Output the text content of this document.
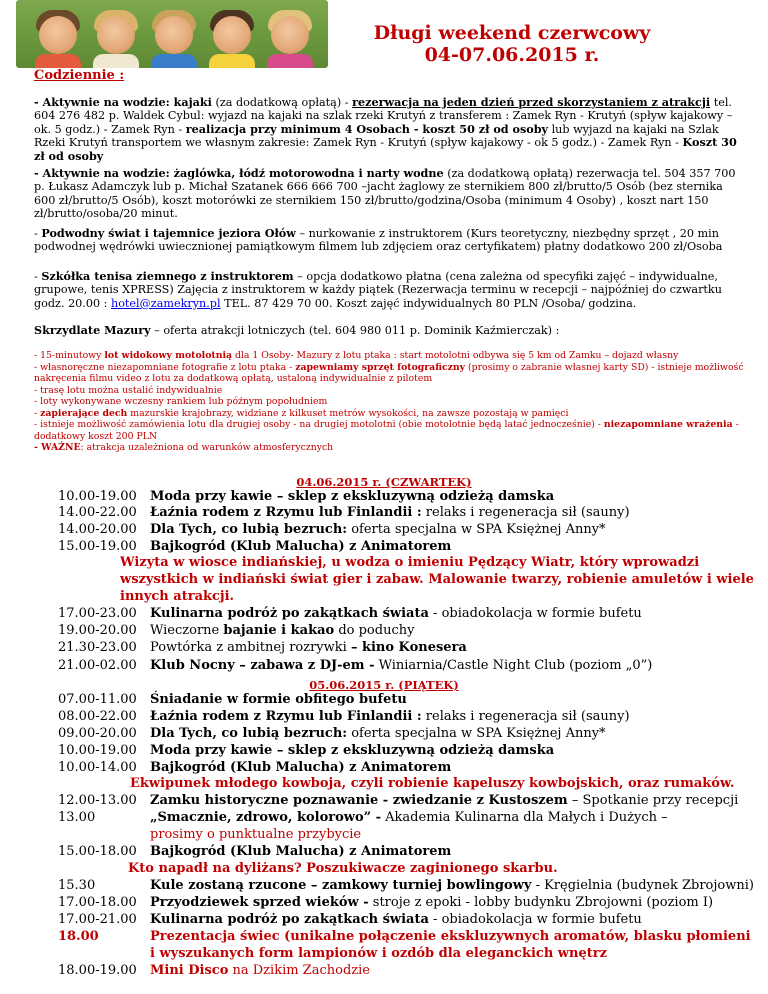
Długi weekend czerwcowy
04-07.06.2015 r.
Codziennie :

- Aktywnie na wodzie: kajaki (za dodatkową opłatą) - rezerwacja na jeden dzień przed skorzystaniem z atrakcji tel. 604 276 482 p. Waldek Cybul: wyjazd na kajaki na szlak rzeki Krutyń z transferem : Zamek Ryn - Krutyń (spływ kajakowy – ok. 5 godz.) - Zamek Ryn - realizacja przy minimum 4 Osobach - koszt 50 zł od osoby lub wyjazd na kajaki na Szlak Rzeki Krutyń transportem we własnym zakresie: Zamek Ryn - Krutyń (spływ kajakowy - ok 5 godz.) - Zamek Ryn - Koszt 30 zł od osoby

- Aktywnie na wodzie: żaglówka, łódź motorowodna i narty wodne (za dodatkową opłatą) rezerwacja tel. 504 357 700 p. Łukasz Adamczyk lub p. Michał Szatanek 666 666 700 –jacht żaglowy ze sternikiem 800 zł/brutto/5 Osób (bez sternika 600 zł/brutto/5 Osób), koszt motorówki ze sternikiem 150 zł/brutto/godzina/Osoba (minimum 4 Osoby) , koszt nart 150 zł/brutto/osoba/20 minut.

- Podwodny świat i tajemnice jeziora Ołów – nurkowanie z instruktorem (Kurs teoretyczny, niezbędny sprzęt , 20 min podwodnej wędrówki uwiecznionej pamiątkowym filmem lub zdjęciem oraz certyfikatem) płatny dodatkowo 200 zł/Osoba

- Szkółka tenisa ziemnego z instruktorem – opcja dodatkowo płatna (cena zależna od specyfiki zajęć – indywidualne, grupowe, tenis XPRESS) Zajęcia z instruktorem w każdy piątek (Rezerwacja terminu w recepcji – najpóźniej do czwartku godz. 20.00 : hotel@zamekryn.pl TEL. 87 429 70 00. Koszt zajęć indywidualnych 80 PLN /Osoba/ godzina.

Skrzydlate Mazury – oferta atrakcji lotniczych (tel. 604 980 011 p. Dominik Kaźmierczak) :

- 15-minutowy lot widokowy motolotnią dla 1 Osoby- Mazury z lotu ptaka : start motolotni odbywa się 5 km od Zamku – dojazd własny
- własnoręczne niezapomniane fotografie z lotu ptaka - zapewniamy sprzęt fotograficzny (prosimy o zabranie własnej karty SD) - istnieje możliwość
nakręcenia filmu video z lotu za dodatkową opłatą, ustaloną indywidualnie z pilotem
- trasę lotu można ustalić indywidualnie
- loty wykonywane wczesny rankiem lub późnym popołudniem
- zapierające dech mazurskie krajobrazy, widziane z kilkuset metrów wysokości, na zawsze pozostają w pamięci
- istnieje możliwość zamówienia lotu dla drugiej osoby - na drugiej motolotni (obie motolotnie będą latać jednocześnie) - niezapomniane wrażenia -
dodatkowy koszt 200 PLN
- WAŻNE: atrakcja uzależniona od warunków atmosferycznych
04.06.2015 r. (CZWARTEK)
10.00-19.00 Moda przy kawie – sklep z ekskluzywną odzieżą damska
14.00-22.00 Łaźnia rodem z Rzymu lub Finlandii : relaks i regeneracja sił (sauny)
14.00-20.00 Dla Tych, co lubią bezruch: oferta specjalna w SPA Księżnej Anny*
15.00-19.00 Bajkogród (Klub Malucha) z Animatorem
Wizyta w wiosce indiańskiej, u wodza o imieniu Pędzący Wiatr, który wprowadzi
wszystkich w indiański świat gier i zabaw. Malowanie twarzy, robienie amuletów i wiele
innych atrakcji.
17.00-23.00 Kulinarna podróż po zakątkach świata - obiadokolacja w formie bufetu
19.00-20.00 Wieczorne bajanie i kakao do poduchy
21.30-23.00 Powtórka z ambitnej rozrywki – kino Konesera
21.00-02.00 Klub Nocny – zabawa z DJ-em - Winiarnia/Castle Night Club (poziom „0”)
05.06.2015 r. (PIĄTEK)
07.00-11.00 Śniadanie w formie obfitego bufetu
08.00-22.00 Łaźnia rodem z Rzymu lub Finlandii : relaks i regeneracja sił (sauny)
09.00-20.00 Dla Tych, co lubią bezruch: oferta specjalna w SPA Księżnej Anny*
10.00-19.00 Moda przy kawie – sklep z ekskluzywną odzieżą damska
10.00-14.00 Bajkogród (Klub Malucha) z Animatorem
Ekwipunek młodego kowboja, czyli robienie kapeluszy kowbojskich, oraz rumaków.
12.00-13.00 Zamku historyczne poznawanie - zwiedzanie z Kustoszem – Spotkanie przy recepcji
13.00	„Smacznie, zdrowo, kolorowo” - Akademia Kulinarna dla Małych i Dużych –
prosimy o punktualne przybycie
15.00-18.00 Bajkogród (Klub Malucha) z Animatorem
Kto napadł na dyliżans? Poszukiwacze zaginionego skarbu.
15.30	Kule zostaną rzucone – zamkowy turniej bowlingowy - Kręgielnia (budynek Zbrojowni)
17.00-18.00 Przyodziewek sprzed wieków - stroje z epoki - lobby budynku Zbrojowni (poziom I)
17.00-21.00 Kulinarna podróż po zakątkach świata - obiadokolacja w formie bufetu
18.00	Prezentacja świec (unikalne połączenie ekskluzywnych aromatów, blasku płomieni
i wyszukanych form lampionów i ozdób dla eleganckich wnętrz
18.00-19.00 Mini Disco na Dzikim Zachodzie
